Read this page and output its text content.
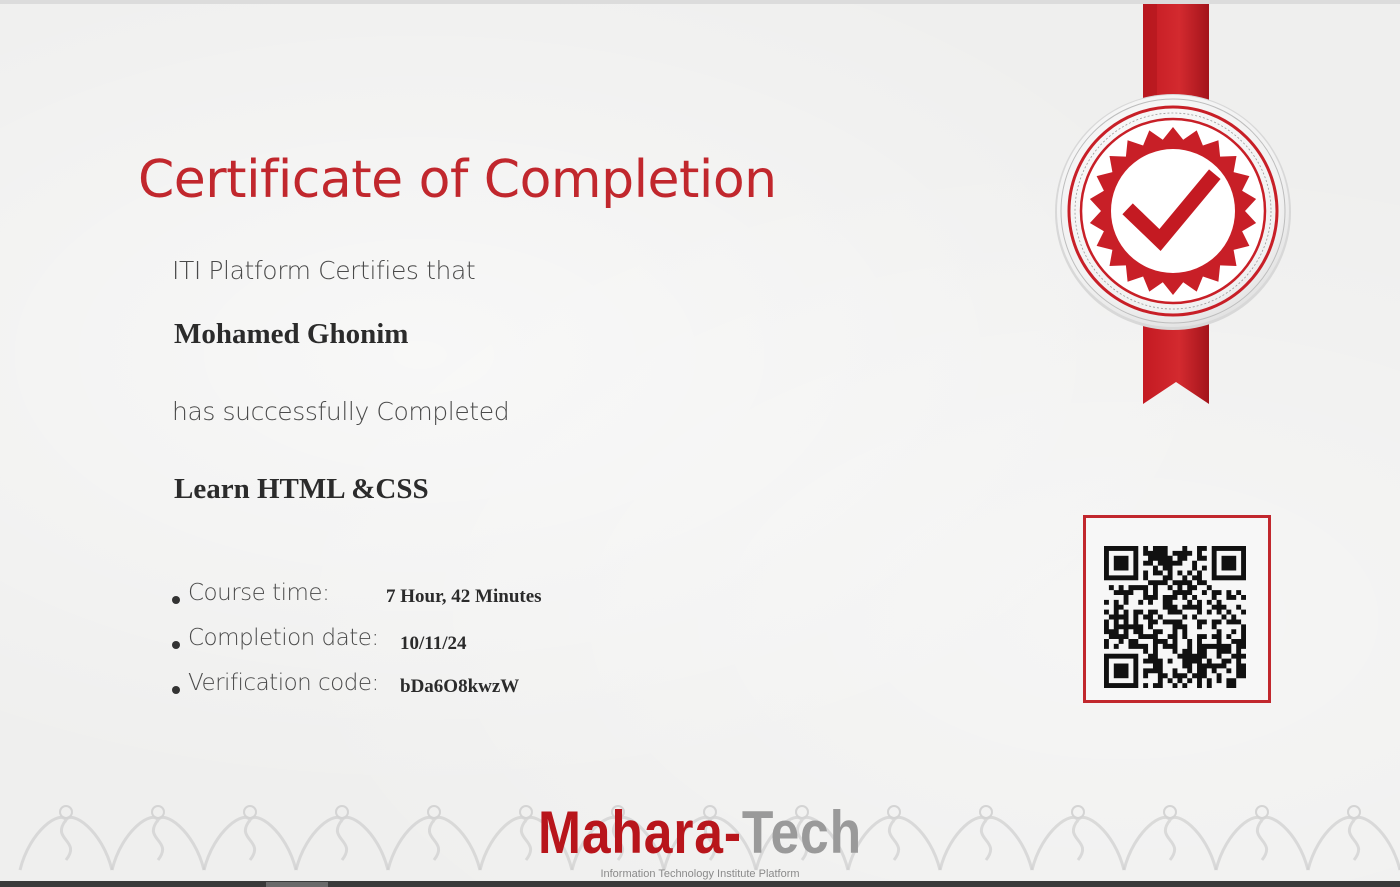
Certificate of Completion

ITI Platform Certifies that

Mohamed Ghonim

has successfully Completed

Learn HTML &CSS

Course time:	7 Hour, 42 Minutes
Completion date: 10/11/24
Verification code: bDa6O8kwzW

Mahara-Tech

Information Technology Institute Platform
